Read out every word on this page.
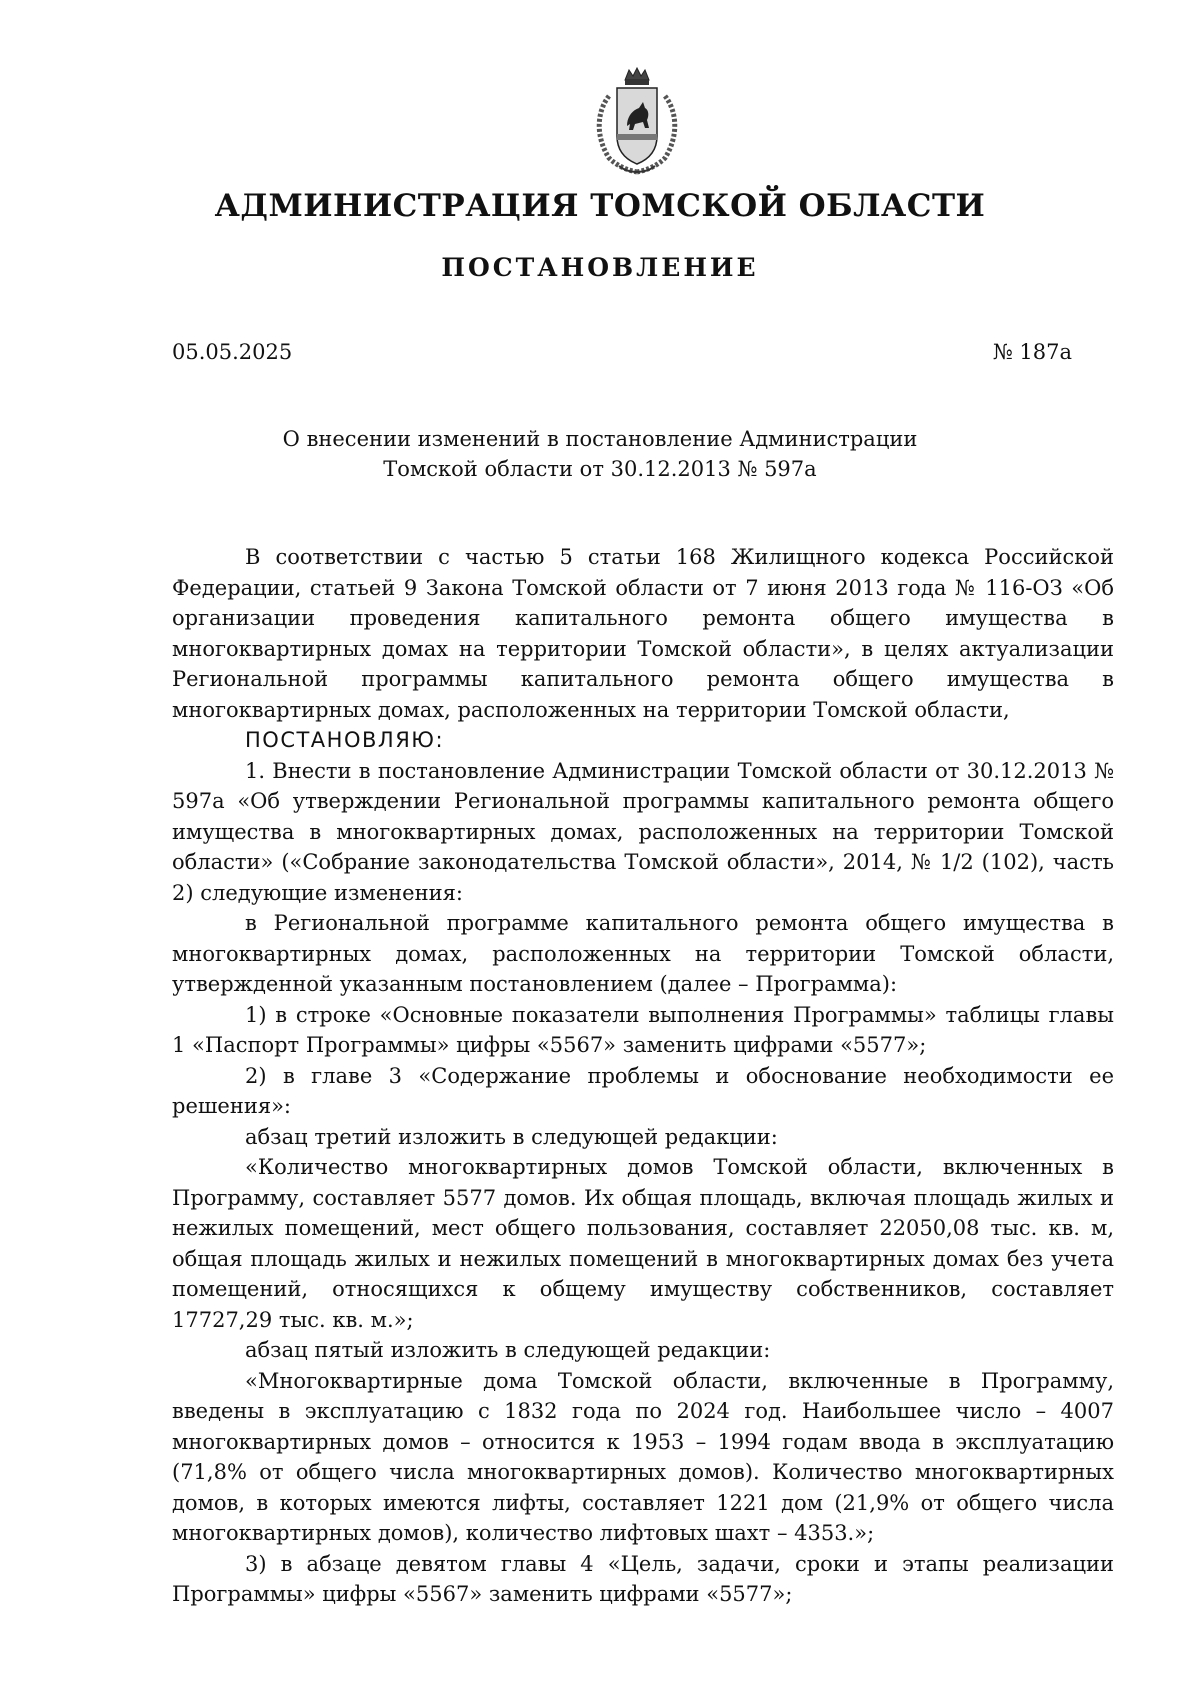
АДМИНИСТРАЦИЯ ТОМСКОЙ ОБЛАСТИ
ПОСТАНОВЛЕНИЕ
05.05.2025	№ 187а
О внесении изменений в постановление Администрации
Томской области от 30.12.2013 № 597а

В соответствии с частью 5 статьи 168 Жилищного кодекса Российской Федерации, статьей 9 Закона Томской области от 7 июня 2013 года № 116-ОЗ «Об организации проведения капитального ремонта общего имущества в многоквартирных домах на территории Томской области», в целях актуализации Региональной программы капитального ремонта общего имущества в многоквартирных домах, расположенных на территории Томской области,

ПОСТАНОВЛЯЮ:

1. Внести в постановление Администрации Томской области от 30.12.2013 № 597а «Об утверждении Региональной программы капитального ремонта общего имущества в многоквартирных домах, расположенных на территории Томской области» («Собрание законодательства Томской области», 2014, № 1/2 (102), часть 2) следующие изменения:

в Региональной программе капитального ремонта общего имущества в многоквартирных домах, расположенных на территории Томской области, утвержденной указанным постановлением (далее – Программа):

1) в строке «Основные показатели выполнения Программы» таблицы главы 1 «Паспорт Программы» цифры «5567» заменить цифрами «5577»;

2) в главе 3 «Содержание проблемы и обоснование необходимости ее решения»:

абзац третий изложить в следующей редакции:

«Количество многоквартирных домов Томской области, включенных в Программу, составляет 5577 домов. Их общая площадь, включая площадь жилых и нежилых помещений, мест общего пользования, составляет 22050,08 тыс. кв. м, общая площадь жилых и нежилых помещений в многоквартирных домах без учета помещений, относящихся к общему имуществу собственников, составляет 17727,29 тыс. кв. м.»;

абзац пятый изложить в следующей редакции:

«Многоквартирные дома Томской области, включенные в Программу, введены в эксплуатацию с 1832 года по 2024 год. Наибольшее число – 4007 многоквартирных домов – относится к 1953 – 1994 годам ввода в эксплуатацию (71,8% от общего числа многоквартирных домов). Количество многоквартирных домов, в которых имеются лифты, составляет 1221 дом (21,9% от общего числа многоквартирных домов), количество лифтовых шахт – 4353.»;

3) в абзаце девятом главы 4 «Цель, задачи, сроки и этапы реализации Программы» цифры «5567» заменить цифрами «5577»;
